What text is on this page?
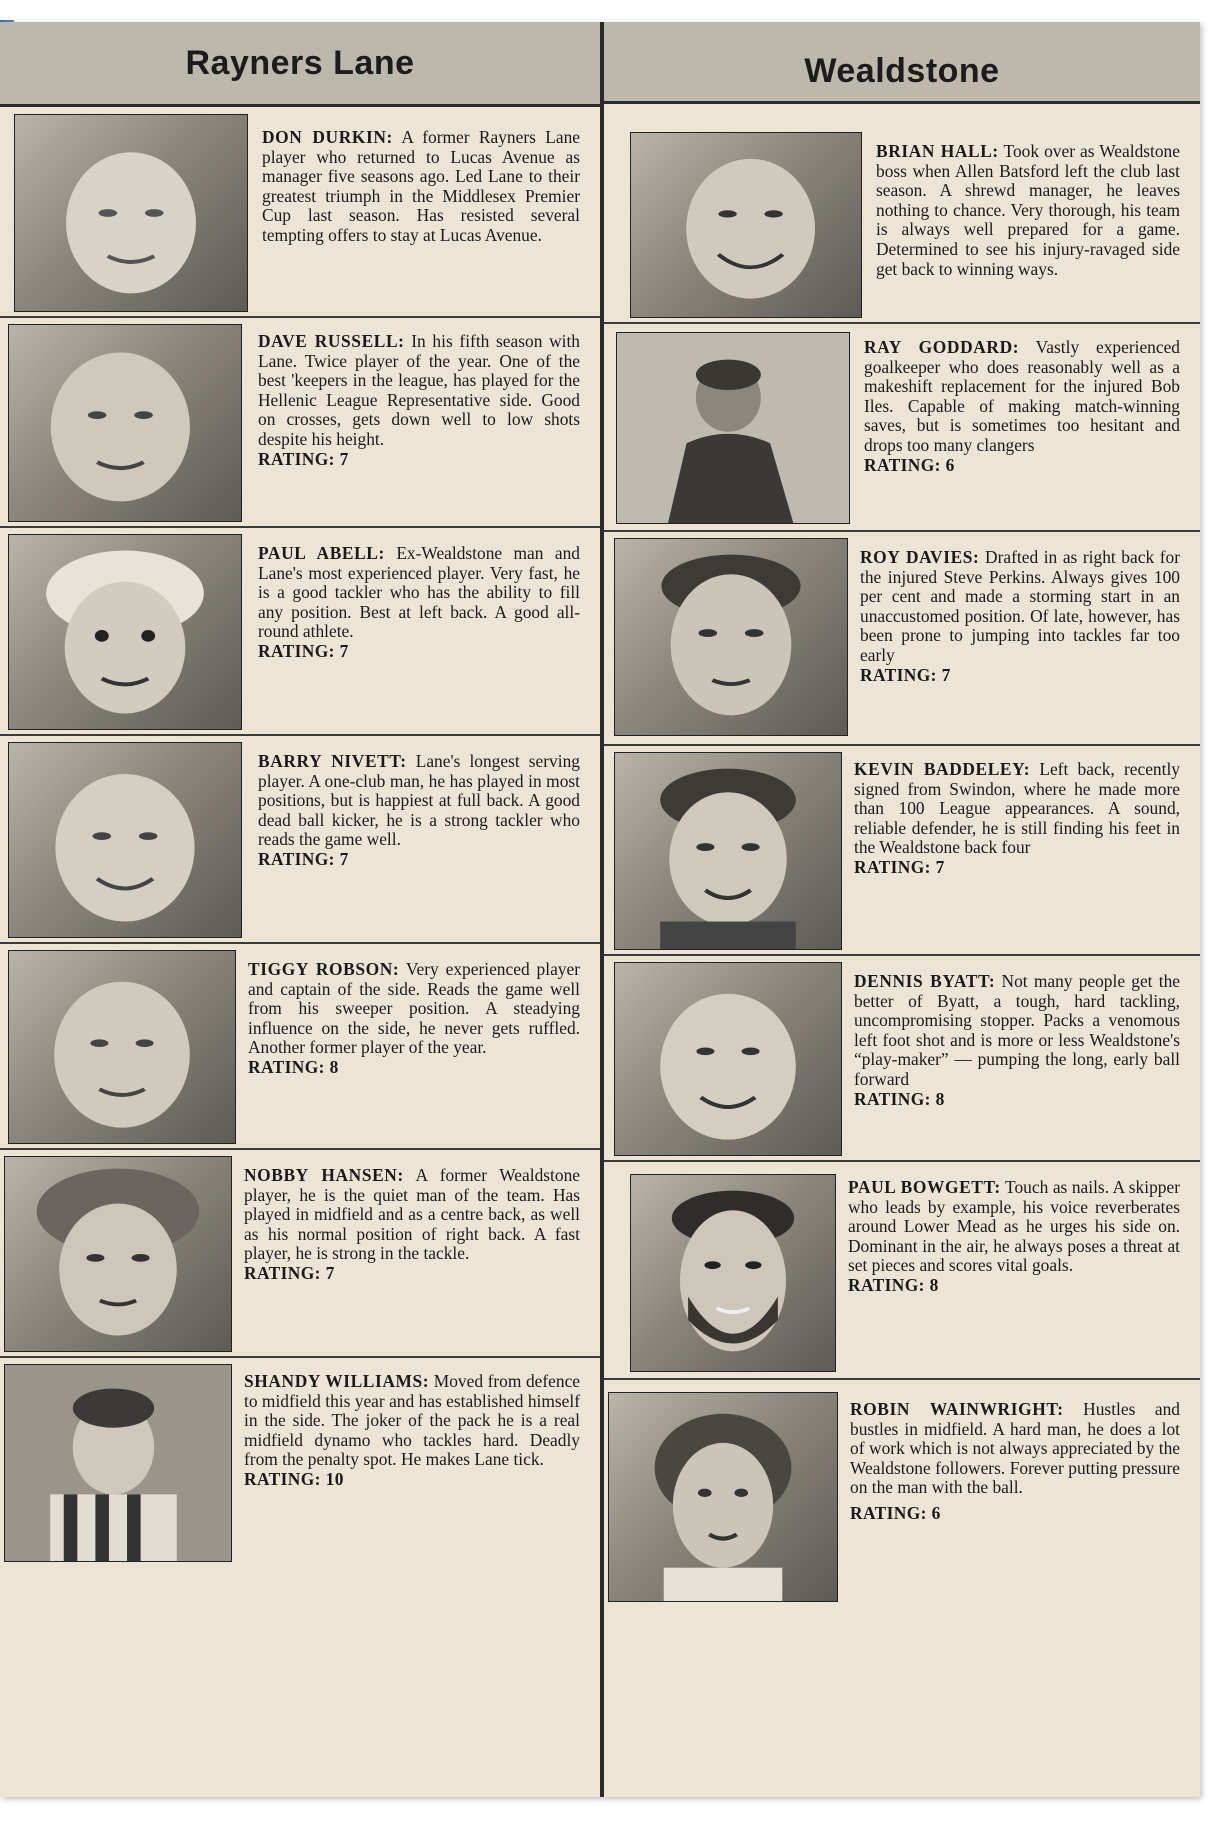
Rayners Lane
DON DURKIN: A former Rayners Lane player who returned to Lucas Avenue as manager five seasons ago. Led Lane to their greatest triumph in the Middlesex Premier Cup last season. Has resisted several tempting offers to stay at Lucas Avenue.
DAVE RUSSELL: In his fifth season with Lane. Twice player of the year. One of the best 'keepers in the league, has played for the Hellenic League Representative side. Good on crosses, gets down well to low shots despite his height.
RATING: 7
PAUL ABELL: Ex-Wealdstone man and Lane's most experienced player. Very fast, he is a good tackler who has the ability to fill any position. Best at left back. A good all-round athlete.
RATING: 7
BARRY NIVETT: Lane's longest serving player. A one-club man, he has played in most positions, but is happiest at full back. A good dead ball kicker, he is a strong tackler who reads the game well.
RATING: 7
TIGGY ROBSON: Very experienced player and captain of the side. Reads the game well from his sweeper position. A steadying influence on the side, he never gets ruffled. Another former player of the year.
RATING: 8
NOBBY HANSEN: A former Wealdstone player, he is the quiet man of the team. Has played in midfield and as a centre back, as well as his normal position of right back. A fast player, he is strong in the tackle.
RATING: 7
SHANDY WILLIAMS: Moved from defence to midfield this year and has established himself in the side. The joker of the pack he is a real midfield dynamo who tackles hard. Deadly from the penalty spot. He makes Lane tick.
RATING: 10
Wealdstone
BRIAN HALL: Took over as Wealdstone boss when Allen Batsford left the club last season. A shrewd manager, he leaves nothing to chance. Very thorough, his team is always well prepared for a game. Determined to see his injury-ravaged side get back to winning ways.
RAY GODDARD: Vastly experienced goalkeeper who does reasonably well as a makeshift replacement for the injured Bob Iles. Capable of making match-winning saves, but is sometimes too hesitant and drops too many clangers
RATING: 6
ROY DAVIES: Drafted in as right back for the injured Steve Perkins. Always gives 100 per cent and made a storming start in an unaccustomed position. Of late, however, has been prone to jumping into tackles far too early
RATING: 7
KEVIN BADDELEY: Left back, recently signed from Swindon, where he made more than 100 League appearances. A sound, reliable defender, he is still finding his feet in the Wealdstone back four
RATING: 7
DENNIS BYATT: Not many people get the better of Byatt, a tough, hard tackling, uncompromising stopper. Packs a venomous left foot shot and is more or less Wealdstone's “play-maker” — pumping the long, early ball forward
RATING: 8
PAUL BOWGETT: Touch as nails. A skipper who leads by example, his voice reverberates around Lower Mead as he urges his side on. Dominant in the air, he always poses a threat at set pieces and scores vital goals.
RATING: 8
ROBIN WAINWRIGHT: Hustles and bustles in midfield. A hard man, he does a lot of work which is not always appreciated by the Wealdstone followers. Forever putting pressure on the man with the ball.
RATING: 6
